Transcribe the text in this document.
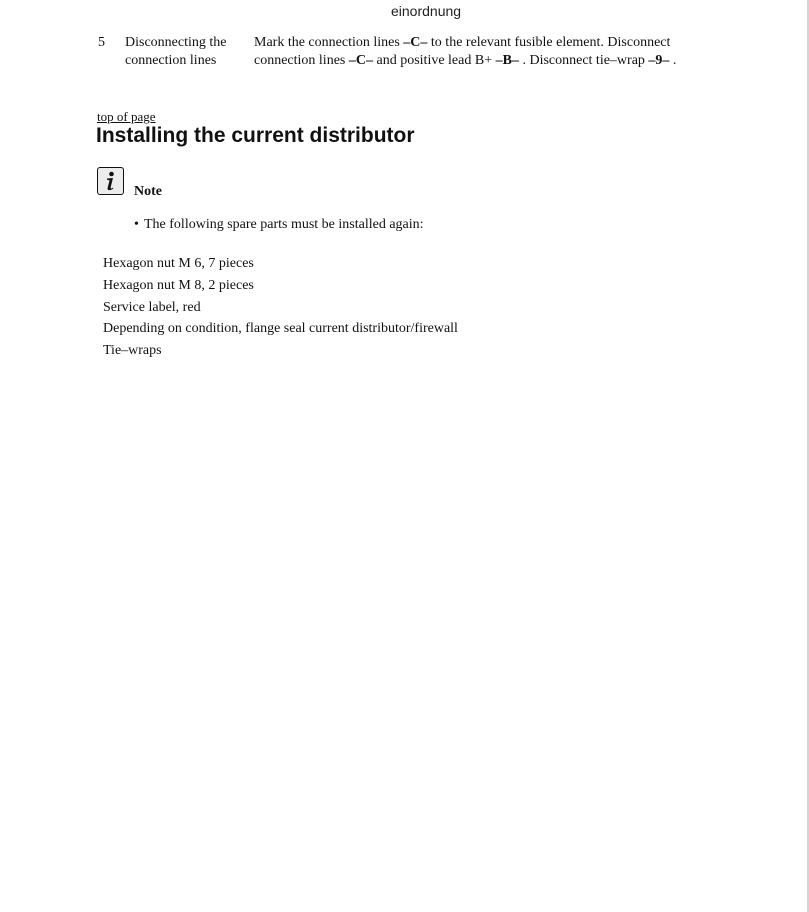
einordnung
5 Disconnecting the
connection lines
Mark the connection lines –C– to the relevant fusible element. Disconnect
connection lines –C– and positive lead B+ –B– . Disconnect tie–wrap –9– .
top of page
Installing the current distributor
Note
• The following spare parts must be installed again:
Hexagon nut M 6, 7 pieces
Hexagon nut M 8, 2 pieces
Service label, red
Depending on condition, flange seal current distributor/firewall
Tie–wraps
